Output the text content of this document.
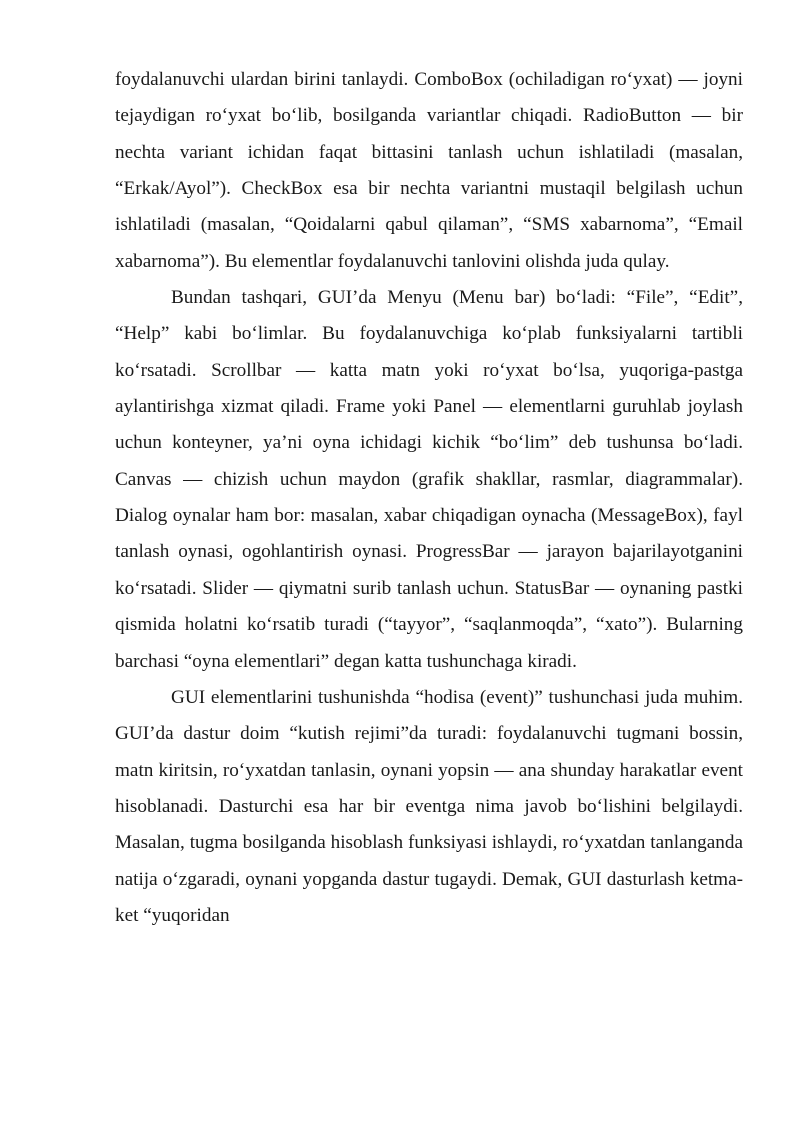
foydalanuvchi ulardan birini tanlaydi. ComboBox (ochiladigan ro‘yxat) — joyni tejaydigan ro‘yxat bo‘lib, bosilganda variantlar chiqadi. RadioButton — bir nechta variant ichidan faqat bittasini tanlash uchun ishlatiladi (masalan, “Erkak/Ayol”). CheckBox esa bir nechta variantni mustaqil belgilash uchun ishlatiladi (masalan, “Qoidalarni qabul qilaman”, “SMS xabarnoma”, “Email xabarnoma”). Bu elementlar foydalanuvchi tanlovini olishda juda qulay.

Bundan tashqari, GUI’da Menyu (Menu bar) bo‘ladi: “File”, “Edit”, “Help” kabi bo‘limlar. Bu foydalanuvchiga ko‘plab funksiyalarni tartibli ko‘rsatadi. Scrollbar — katta matn yoki ro‘yxat bo‘lsa, yuqoriga-pastga aylantirishga xizmat qiladi. Frame yoki Panel — elementlarni guruhlab joylash uchun konteyner, ya’ni oyna ichidagi kichik “bo‘lim” deb tushunsa bo‘ladi. Canvas — chizish uchun maydon (grafik shakllar, rasmlar, diagrammalar). Dialog oynalar ham bor: masalan, xabar chiqadigan oynacha (MessageBox), fayl tanlash oynasi, ogohlantirish oynasi. ProgressBar — jarayon bajarilayotganini ko‘rsatadi. Slider — qiymatni surib tanlash uchun. StatusBar — oynaning pastki qismida holatni ko‘rsatib turadi (“tayyor”, “saqlanmoqda”, “xato”). Bularning barchasi “oyna elementlari” degan katta tushunchaga kiradi.

GUI elementlarini tushunishda “hodisa (event)” tushunchasi juda muhim. GUI’da dastur doim “kutish rejimi”da turadi: foydalanuvchi tugmani bossin, matn kiritsin, ro‘yxatdan tanlasin, oynani yopsin — ana shunday harakatlar event hisoblanadi. Dasturchi esa har bir eventga nima javob bo‘lishini belgilaydi. Masalan, tugma bosilganda hisoblash funksiyasi ishlaydi, ro‘yxatdan tanlanganda natija o‘zgaradi, oynani yopganda dastur tugaydi. Demak, GUI dasturlash ketma-ket “yuqoridan
